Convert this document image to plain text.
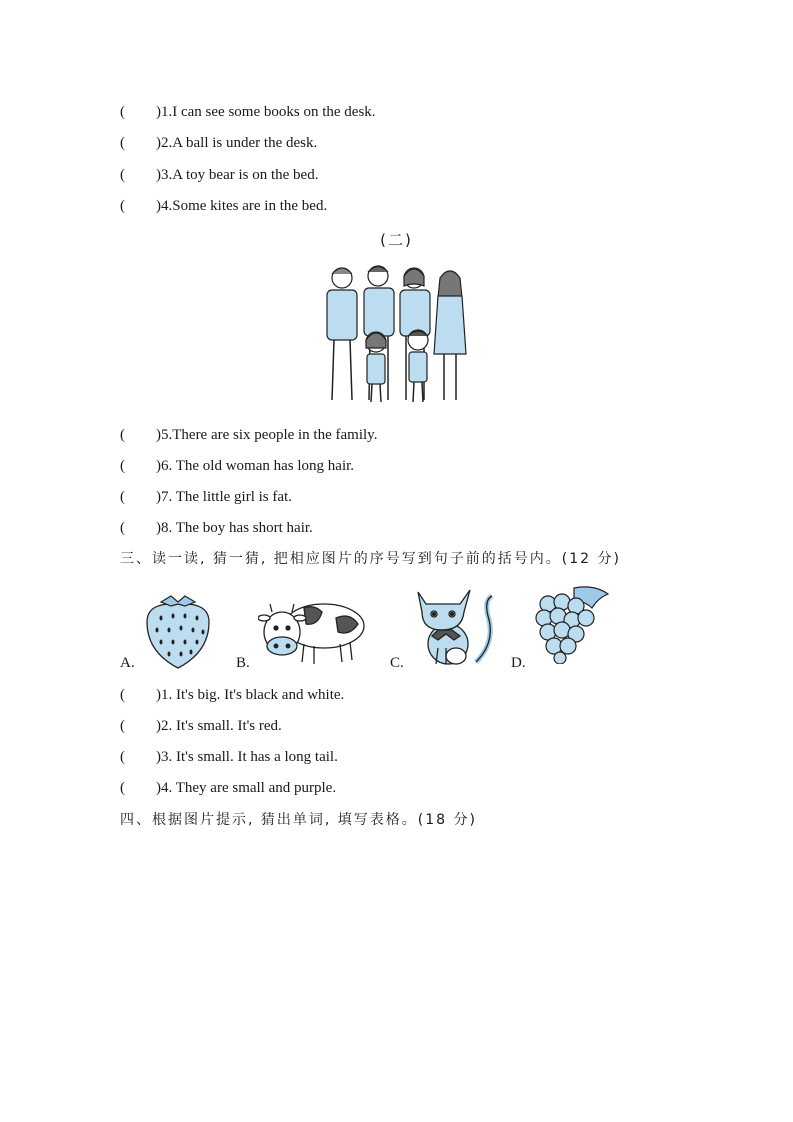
( )1.I can see some books on the desk.
( )2.A ball is under the desk.
( )3.A toy bear is on the bed.
( )4.Some kites are in the bed.
(二)
( )5.There are six people in the family.
( )6. The old woman has long hair.
( )7. The little girl is fat.
( )8. The boy has short hair.
三、读一读, 猜一猜, 把相应图片的序号写到句子前的括号内。(12 分)
A.	B.	C.	D.
( )1. It's big. It's black and white.
( )2. It's small. It's red.
( )3. It's small. It has a long tail.
( )4. They are small and purple.
四、根据图片提示, 猜出单词, 填写表格。(18 分)
